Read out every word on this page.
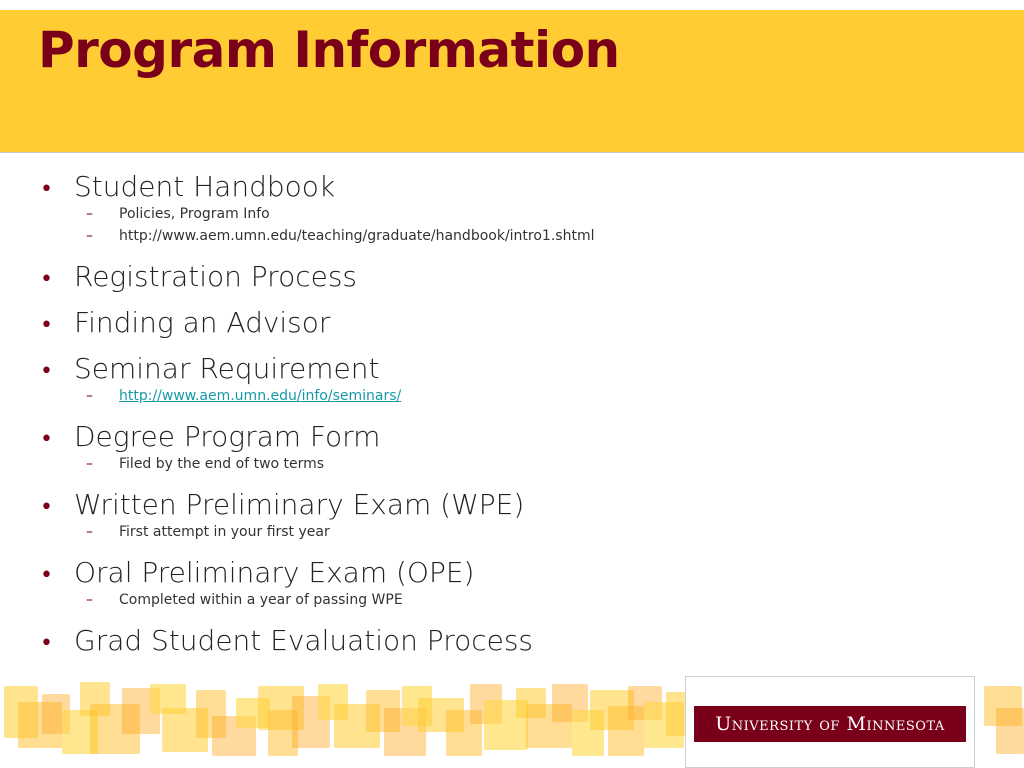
Program Information
• Student Handbook
–	Policies, Program Info
–	http://www.aem.umn.edu/teaching/graduate/handbook/intro1.shtml
• Registration Process
• Finding an Advisor
• Seminar Requirement
–	http://www.aem.umn.edu/info/seminars/
• Degree Program Form
–	Filed by the end of two terms
• Written Preliminary Exam (WPE)
–	First attempt in your first year
• Oral Preliminary Exam (OPE)
–	Completed within a year of passing WPE
• Grad Student Evaluation Process
University of Minnesota
